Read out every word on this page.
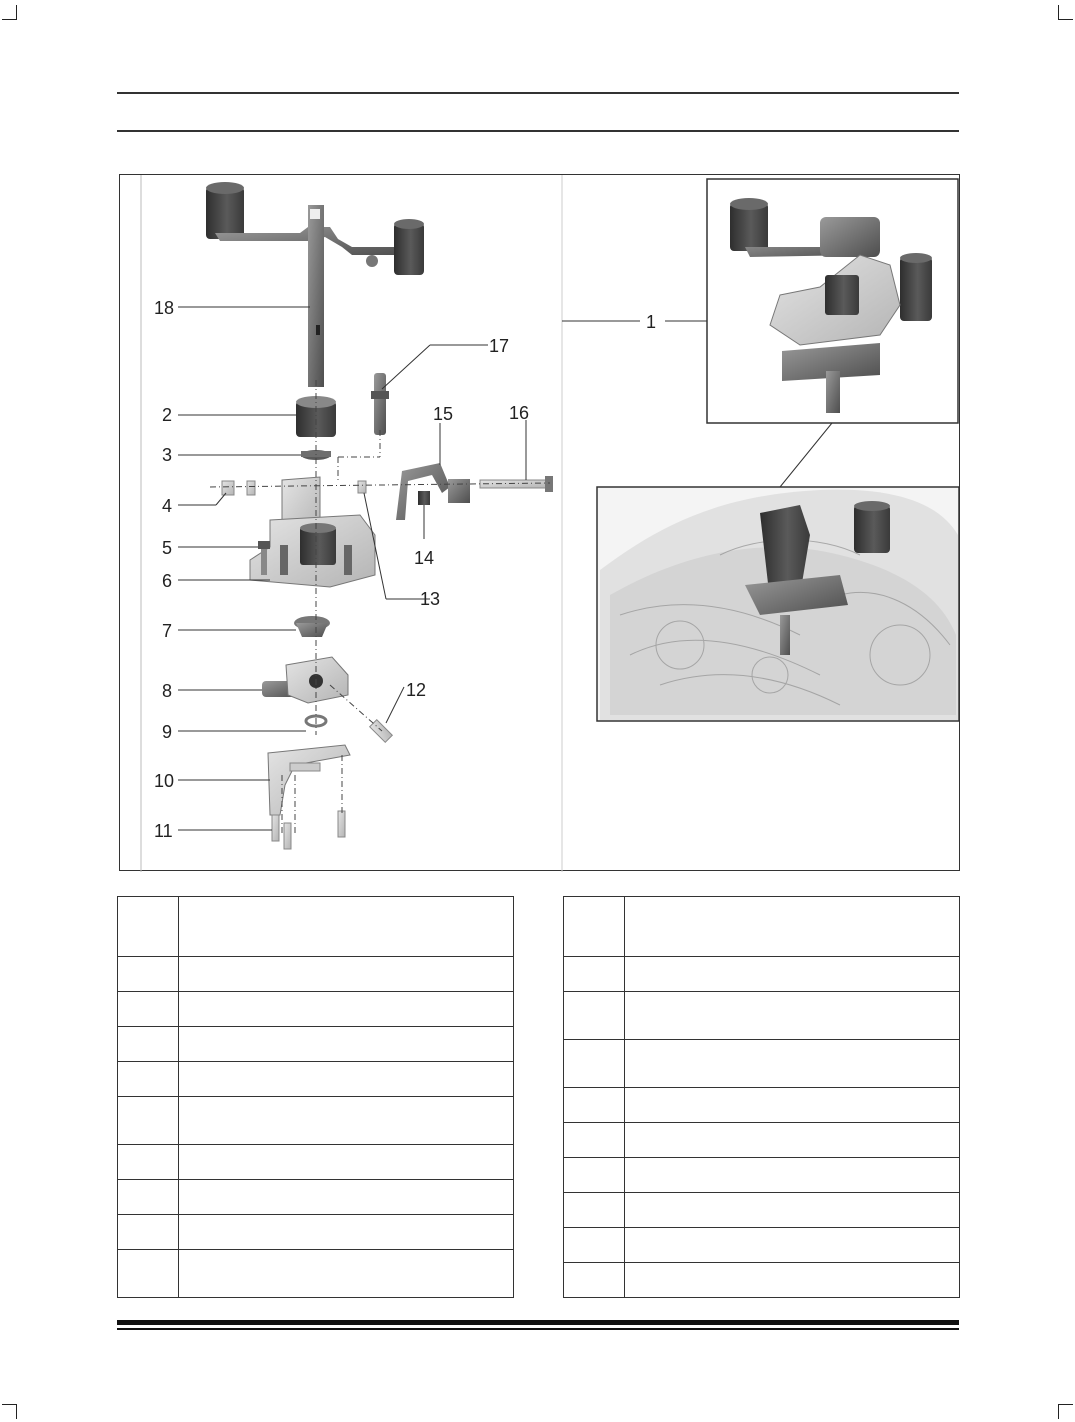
18
17
15	16
2
3
4
5	14
6
13
7
12
8
9
10
11
1
